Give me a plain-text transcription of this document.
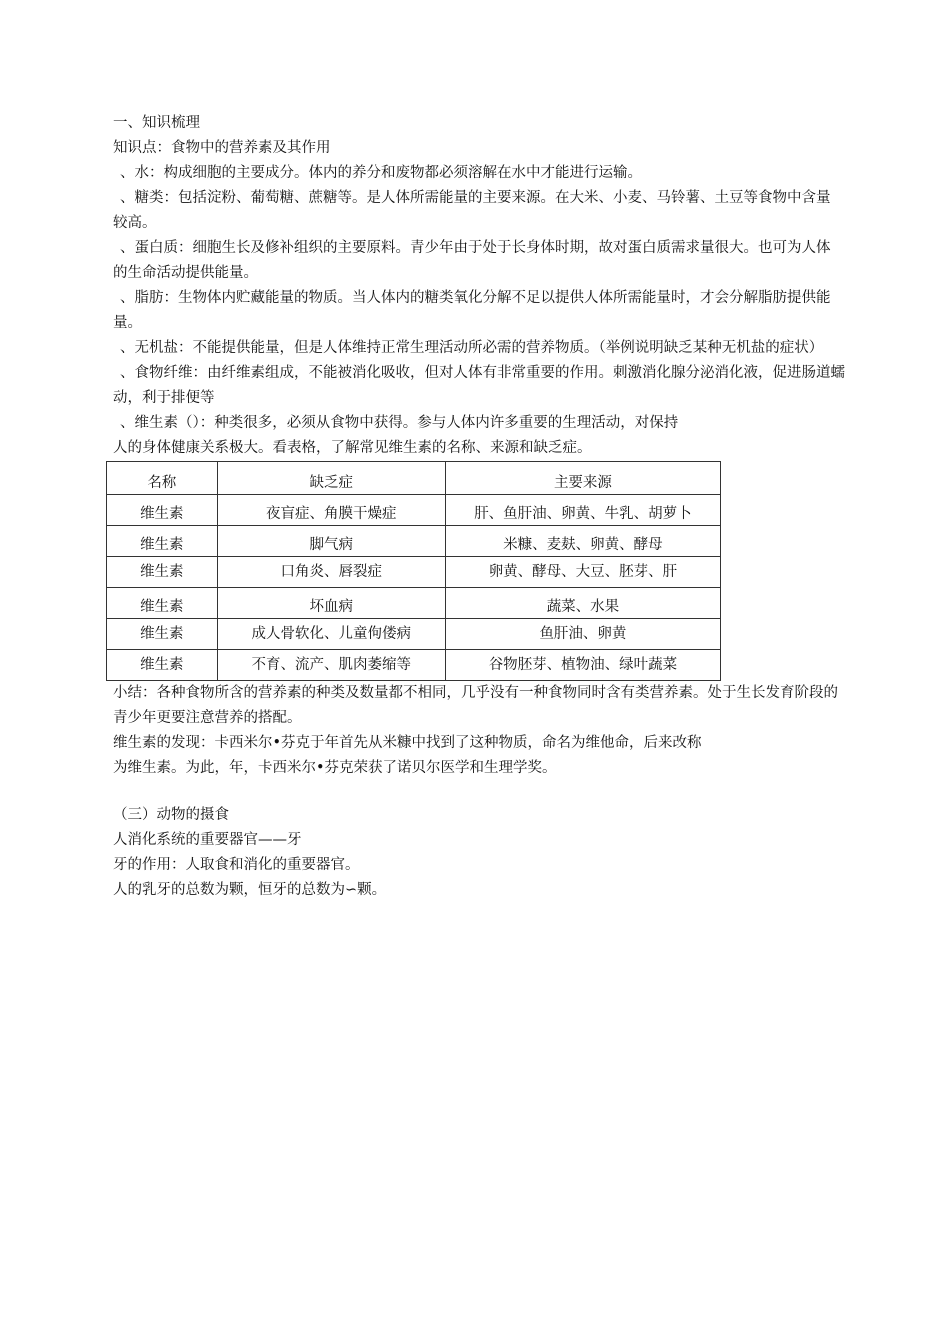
一、知识梳理
知识点：食物中的营养素及其作用
、水：构成细胞的主要成分。体内的养分和废物都必须溶解在水中才能进行运输。
、糖类：包括淀粉、葡萄糖、蔗糖等。是人体所需能量的主要来源。在大米、小麦、马铃薯、土豆等食物中含量较高。
、蛋白质：细胞生长及修补组织的主要原料。青少年由于处于长身体时期，故对蛋白质需求量很大。也可为人体的生命活动提供能量。
、脂肪：生物体内贮藏能量的物质。当人体内的糖类氧化分解不足以提供人体所需能量时，才会分解脂肪提供能量。
、无机盐：不能提供能量，但是人体维持正常生理活动所必需的营养物质。（举例说明缺乏某种无机盐的症状）
、食物纤维：由纤维素组成，不能被消化吸收，但对人体有非常重要的作用。刺激消化腺分泌消化液，促进肠道蠕动，利于排便等
、维生素（）：种类很多，必须从食物中获得。参与人体内许多重要的生理活动，对保持
人的身体健康关系极大。看表格，了解常见维生素的名称、来源和缺乏症。
名称	缺乏症	主要来源
维生素	夜盲症、角膜干燥症	肝、鱼肝油、卵黄、牛乳、胡萝卜
维生素	脚气病	米糠、麦麸、卵黄、酵母
维生素	口角炎、唇裂症	卵黄、酵母、大豆、胚芽、肝
维生素	坏血病	蔬菜、水果
维生素	成人骨软化、儿童佝偻病	鱼肝油、卵黄
维生素	不育、流产、肌肉萎缩等	谷物胚芽、植物油、绿叶蔬菜
小结：各种食物所含的营养素的种类及数量都不相同，几乎没有一种食物同时含有类营养素。处于生长发育阶段的青少年更要注意营养的搭配。
维生素的发现：卡西米尔•芬克于年首先从米糠中找到了这种物质，命名为维他命，后来改称
为维生素。为此，年，卡西米尔•芬克荣获了诺贝尔医学和生理学奖。
（三）动物的摄食
人消化系统的重要器官——牙
牙的作用：人取食和消化的重要器官。
人的乳牙的总数为颗，恒牙的总数为∽颗。
